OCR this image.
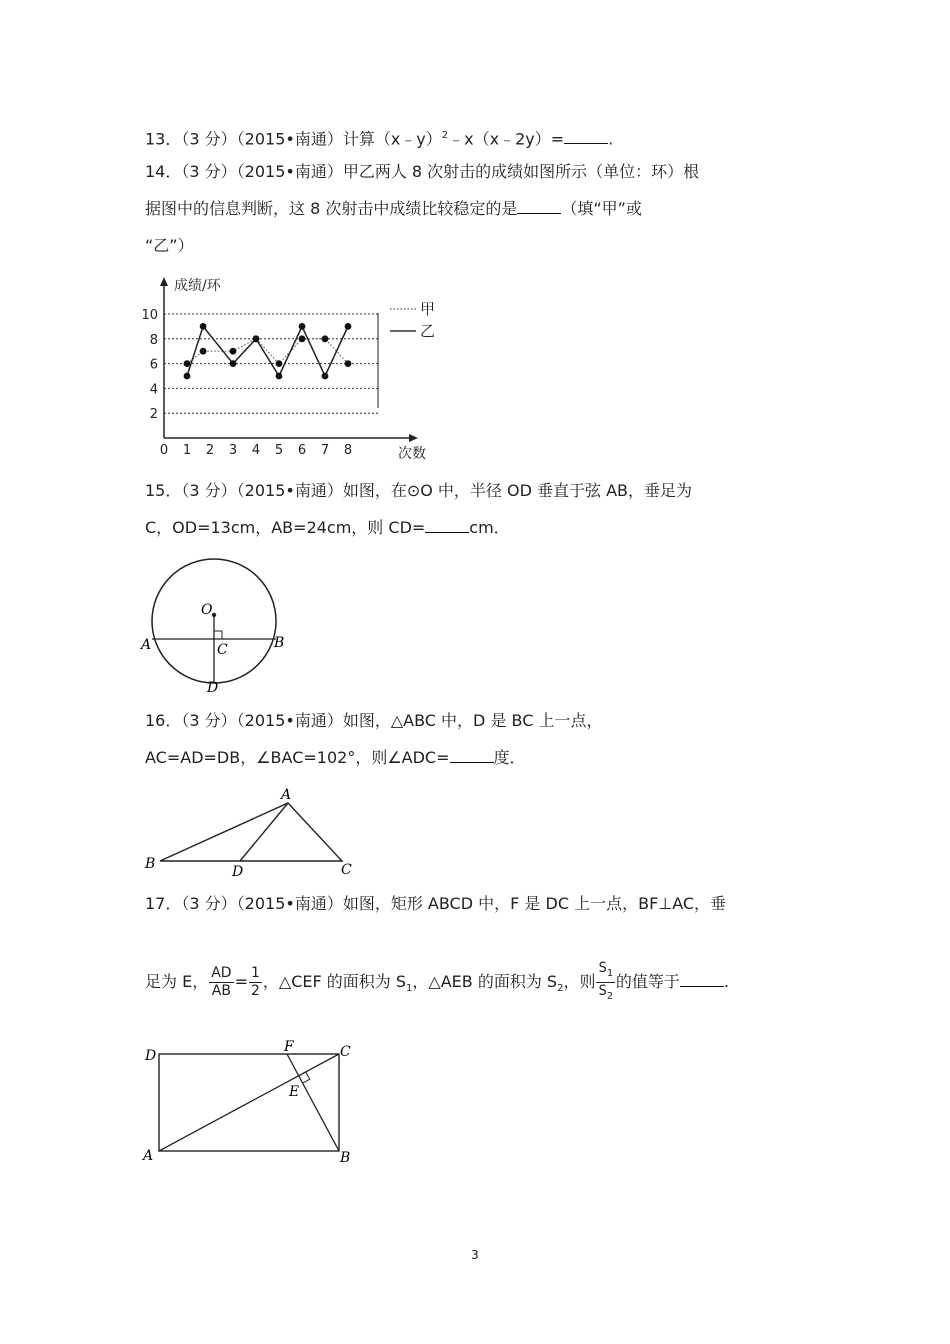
13．（3 分）（2015•南通）计算（x﹣y）$^2$﹣x（x﹣2y）=	.
14．（3 分）（2015•南通）甲乙两人 8 次射击的成绩如图所示（单位：环）根
据图中的信息判断，这 8 次射击中成绩比较稳定的是	（填“甲”或
“乙”）
2
4
6
8
10
0 1 2 3 4 5 6 7 8
成绩/环
次数
甲
乙
15．（3 分）（2015•南通）如图，在⊙O 中，半径 OD 垂直于弦 AB，垂足为
C，OD=13cm，AB=24cm，则 CD=	cm．
O
A	B
C
D
16．（3 分）（2015•南通）如图，△ABC 中，D 是 BC 上一点，
AC=AD=DB，∠BAC=102°，则∠ADC=	度．
A
B	D	C
17．（3 分）（2015•南通）如图，矩形 ABCD 中，F 是 DC 上一点，BF⊥AC，垂
足为 E， $\frac{AD}{AB} = \frac{1}{2}$ ，△CEF 的面积为 $S_1$，△AEB 的面积为 $S_2$，则 $\frac{S_1}{S_2}$ 的值等于	.
D
F	C
E
A	B
3
